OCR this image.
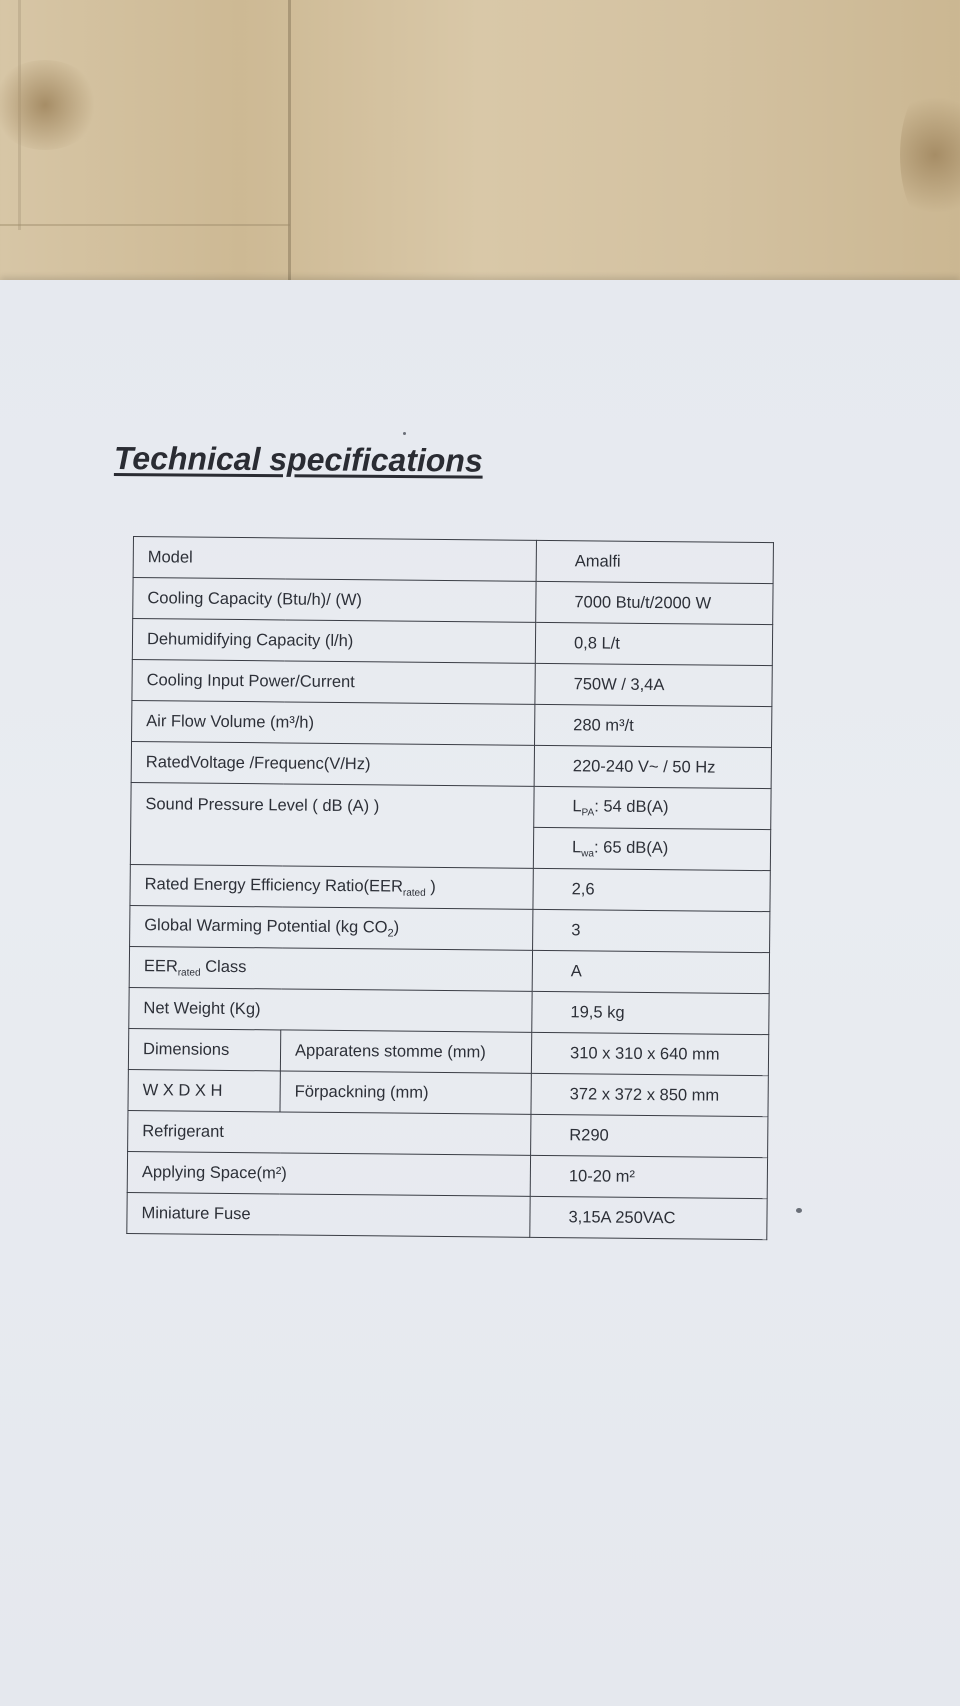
Technical specifications
Model		Amalfi
Cooling Capacity (Btu/h)/ (W)		7000 Btu/t/2000 W
Dehumidifying Capacity (l/h)		0,8 L/t
Cooling Input Power/Current		750W / 3,4A
Air Flow Volume (m³/h)		280 m³/t
RatedVoltage /Frequenc(V/Hz)		220-240 V~ / 50 Hz
Sound Pressure Level ( dB (A) )		$L_{PA}$: 54 dB(A)
		$L_{wa}$: 65 dB(A)
Rated Energy Efficiency $Ratio(EER_{rated}$ )		2,6
Global Warming Potential (kg $CO_2$)		3
$EER_{rated}$ Class		A
Net Weight (Kg)		19,5 kg
Dimensions	Apparatens stomme (mm)	310 x 310 x 640 mm
W X D X H	Förpackning (mm)	372 x 372 x 850 mm
Refrigerant		R290
Applying Space(m²)		10-20 m²
Miniature Fuse		3,15A 250VAC
